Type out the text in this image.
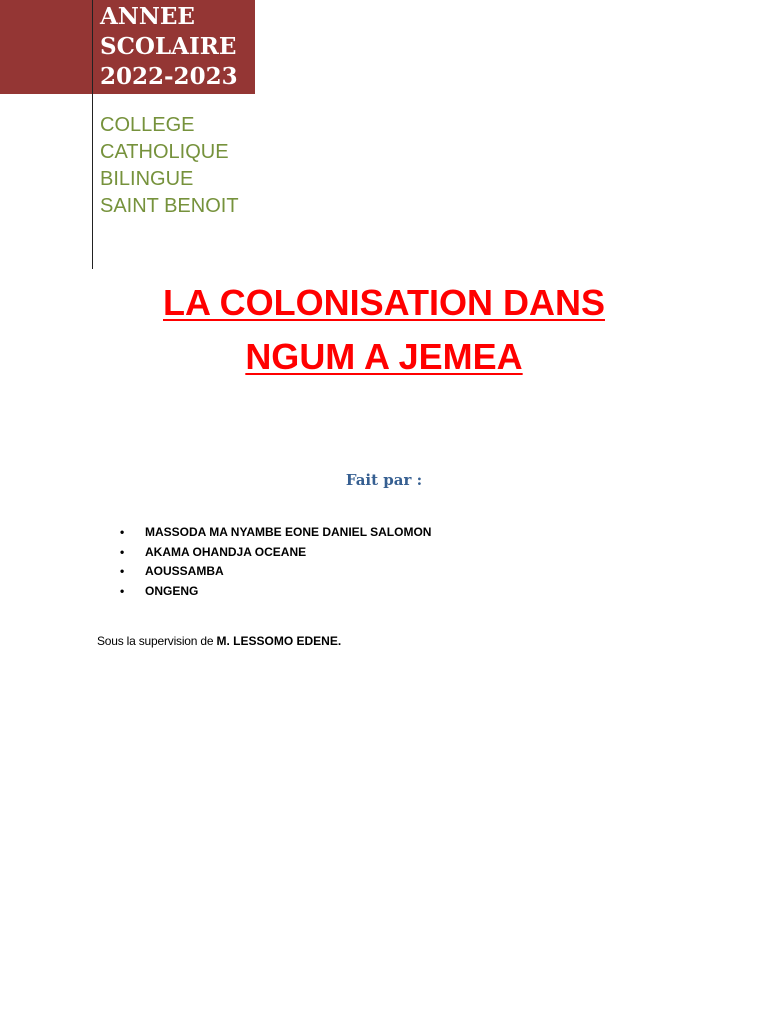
ANNEE
SCOLAIRE
2022-2023

COLLEGE
CATHOLIQUE
BILINGUE
SAINT BENOIT

LA COLONISATION DANS
NGUM A JEMEA

Fait par :

• MASSODA MA NYAMBE EONE DANIEL SALOMON
• AKAMA OHANDJA OCEANE
• AOUSSAMBA
• ONGENG

Sous la supervision de M. LESSOMO EDENE.
